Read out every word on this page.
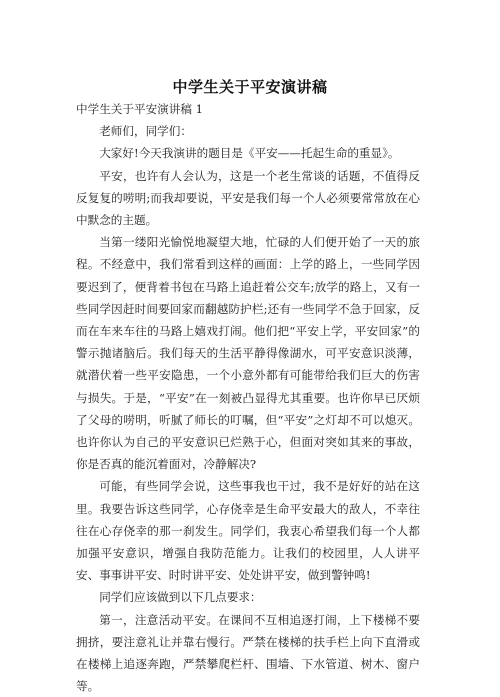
中学生关于平安演讲稿

中学生关于平安演讲稿 1

老师们，同学们：

大家好!今天我演讲的题目是《平安——托起生命的重显》。

平安，也许有人会认为，这是一个老生常谈的话题，不值得反反复复的唠明;而我却要说，平安是我们每一个人必须要常常放在心中默念的主题。

当第一缕阳光愉悦地凝望大地，忙碌的人们便开始了一天的旅程。不经意中，我们常看到这样的画面：上学的路上，一些同学因要迟到了，便背着书包在马路上追赶着公交车;放学的路上，又有一些同学因赶时间要回家而翻越防护栏;还有一些同学不急于回家，反而在车来车往的马路上嬉戏打闹。他们把“平安上学，平安回家”的警示抛诸脑后。我们每天的生活平静得像湖水，可平安意识淡薄，就潜伏着一些平安隐患，一个小意外都有可能带给我们巨大的伤害与损失。于是，“平安”在一刻被凸显得尤其重要。也许你早已厌烦了父母的唠明，听腻了师长的叮嘱，但“平安”之灯却不可以熄灭。也许你认为自己的平安意识已烂熟于心，但面对突如其来的事故，你是否真的能沉着面对，冷静解决?

可能，有些同学会说，这些事我也干过，我不是好好的站在这里。我要告诉这些同学，心存侥幸是生命平安最大的敌人，不幸往往在心存侥幸的那一刹发生。同学们，我衷心希望我们每一个人都加强平安意识，增强自我防范能力。让我们的校园里，人人讲平安、事事讲平安、时时讲平安、处处讲平安，做到警钟鸣!

同学们应该做到以下几点要求：

第一，注意活动平安。在课间不互相追逐打闹，上下楼梯不要拥挤，要注意礼让并靠右慢行。严禁在楼梯的扶手栏上向下直滑或在楼梯上追逐奔跑，严禁攀爬栏杆、围墙、下水管道、树木、窗户等。
